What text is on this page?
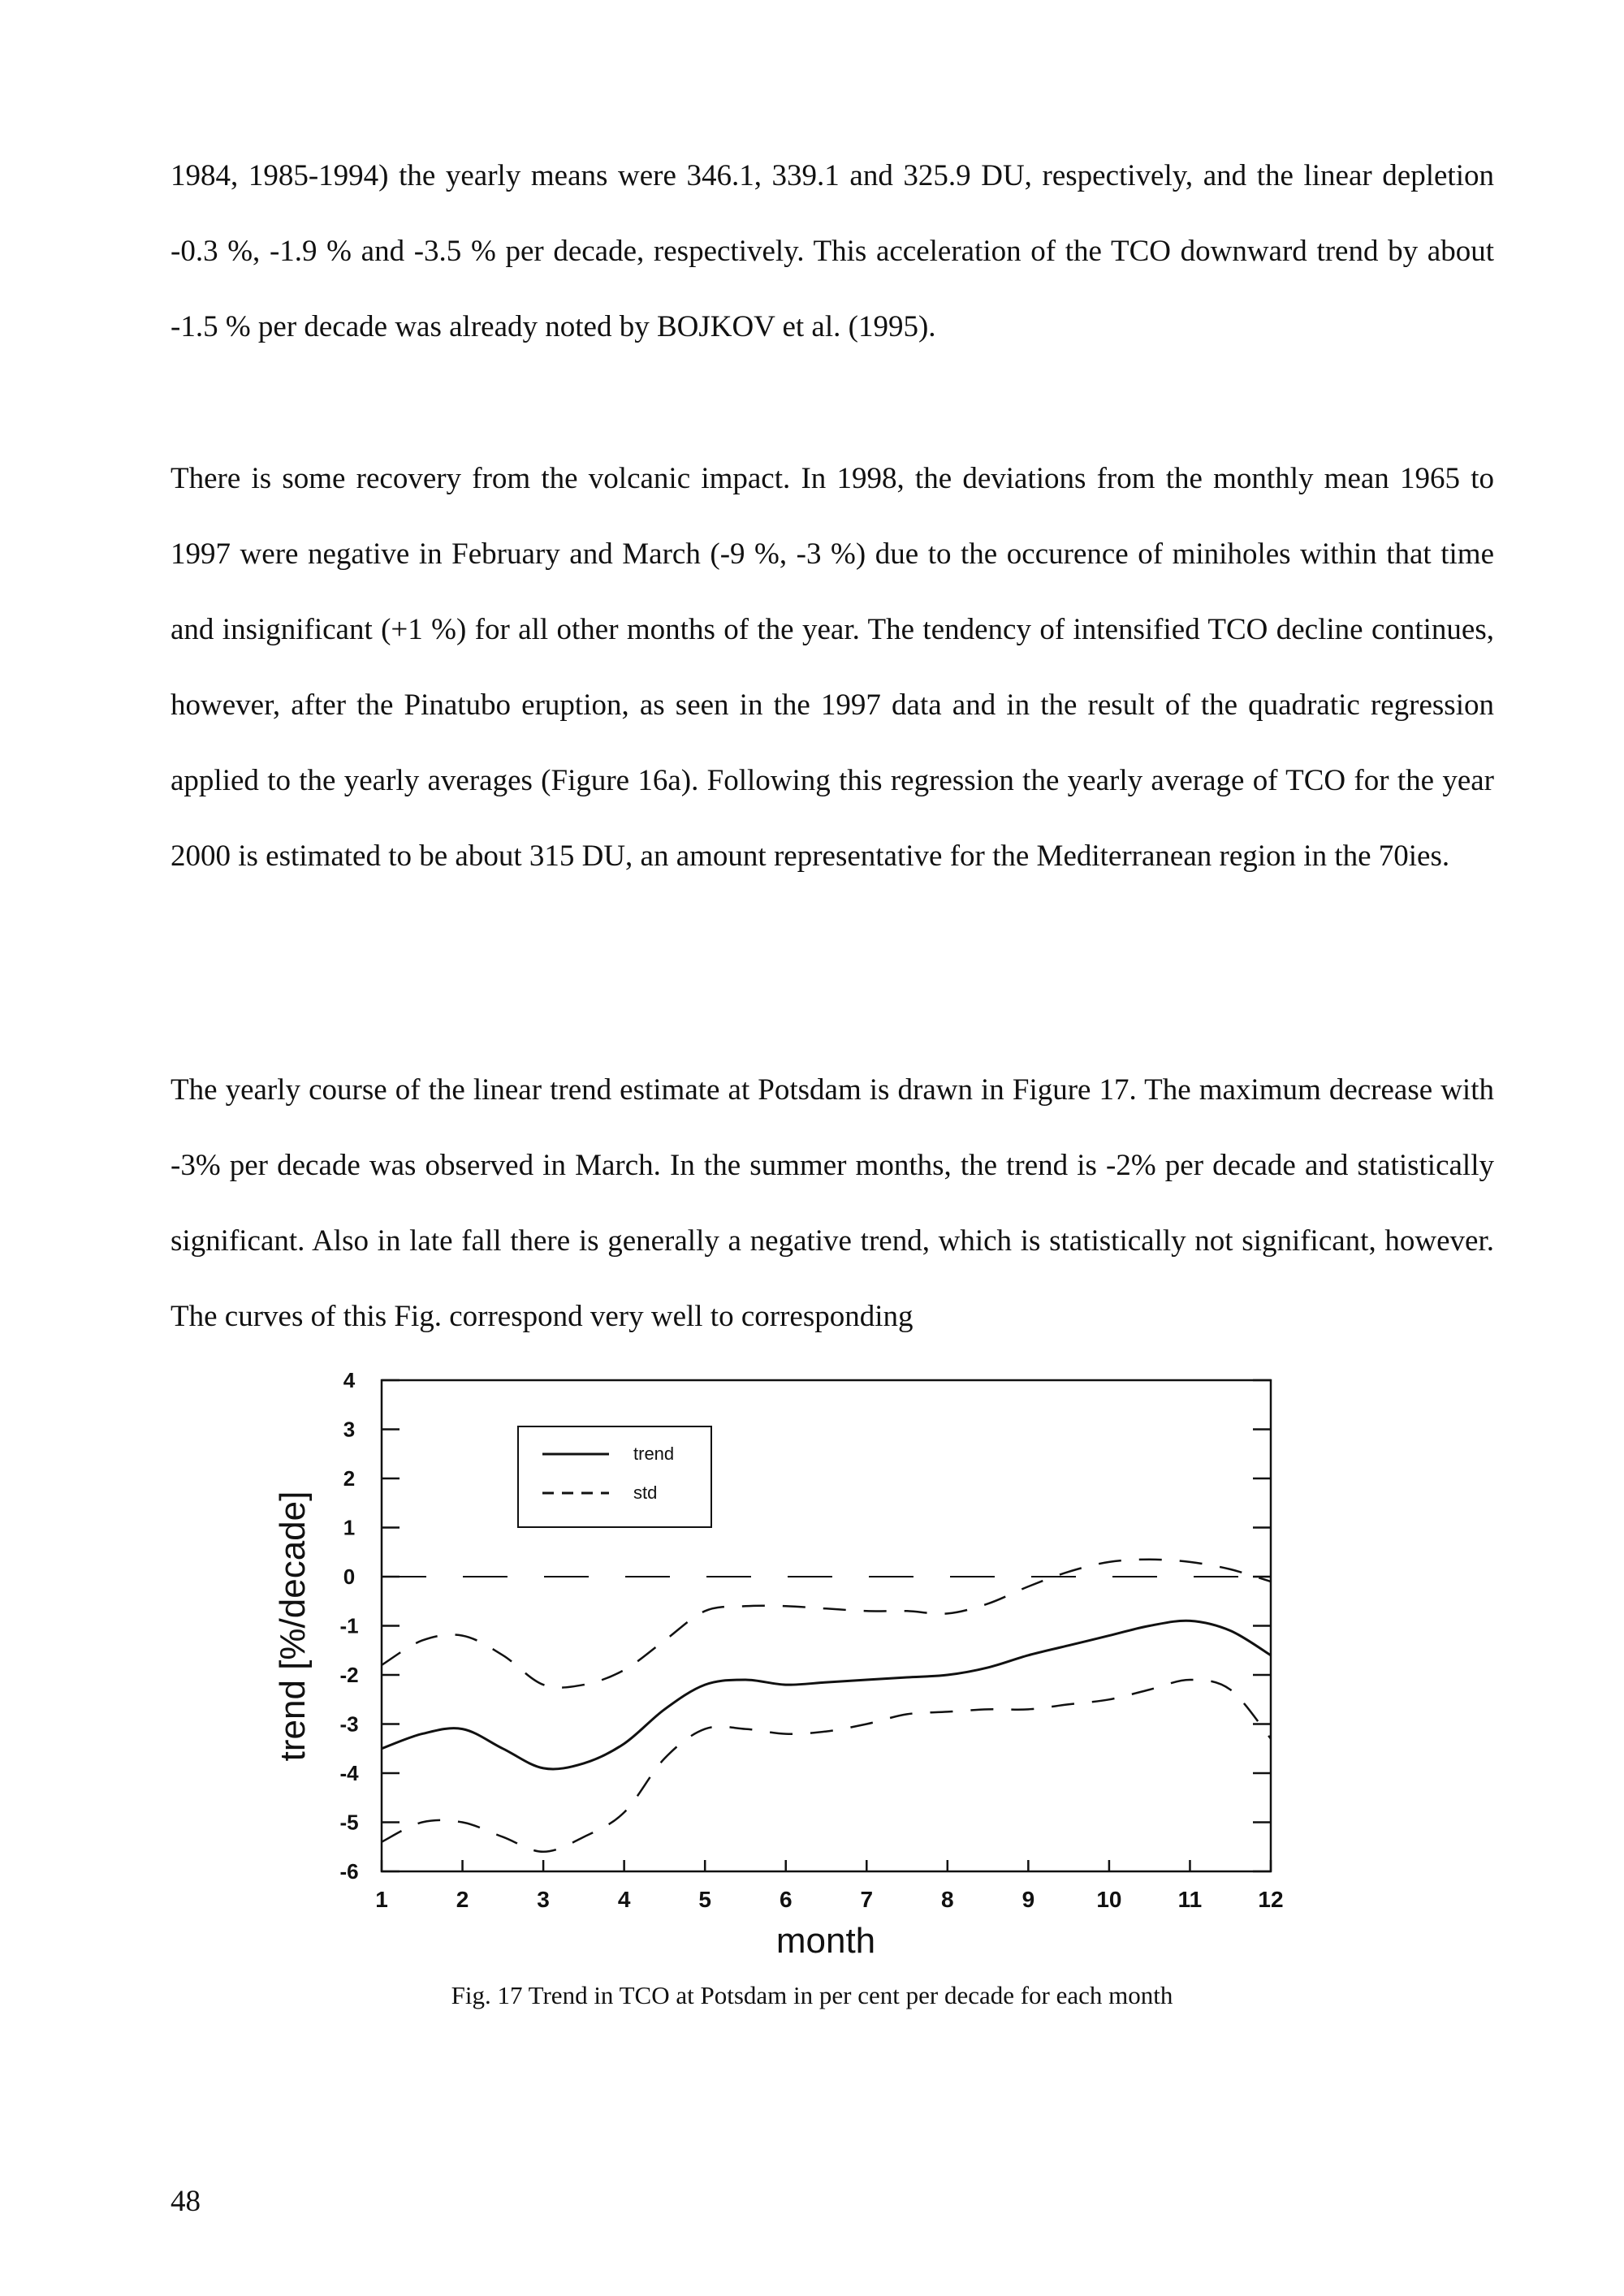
1984, 1985-1994) the yearly means were 346.1, 339.1 and 325.9 DU, respectively, and the linear depletion -0.3 %, -1.9 % and -3.5 % per decade, respectively. This acceleration of the TCO downward trend by about -1.5 % per decade was already noted by BOJKOV et al. (1995).

There is some recovery from the volcanic impact. In 1998, the deviations from the monthly mean 1965 to 1997 were negative in February and March (-9 %, -3 %) due to the occurence of miniholes within that time and insignificant (+1 %) for all other months of the year. The tendency of intensified TCO decline continues, however, after the Pinatubo eruption, as seen in the 1997 data and in the result of the quadratic regression applied to the yearly averages (Figure 16a). Following this regression the yearly average of TCO for the year 2000 is estimated to be about 315 DU, an amount representative for the Mediterranean region in the 70ies.

The yearly course of the linear trend estimate at Potsdam is drawn in Figure 17. The maximum decrease with -3% per decade was observed in March. In the summer months, the trend is -2% per decade and statistically significant. Also in late fall there is generally a negative trend, which is statistically not significant, however. The curves of this Fig. correspond very well to corresponding

4
3
2
1
0
-1
-2
-3
-4
-5
-6
1	2	3	4	5	6	7	8	9	10 11 12
trend
std
month
trend [%/decade]
Fig. 17 Trend in TCO at Potsdam in per cent per decade for each month
48
